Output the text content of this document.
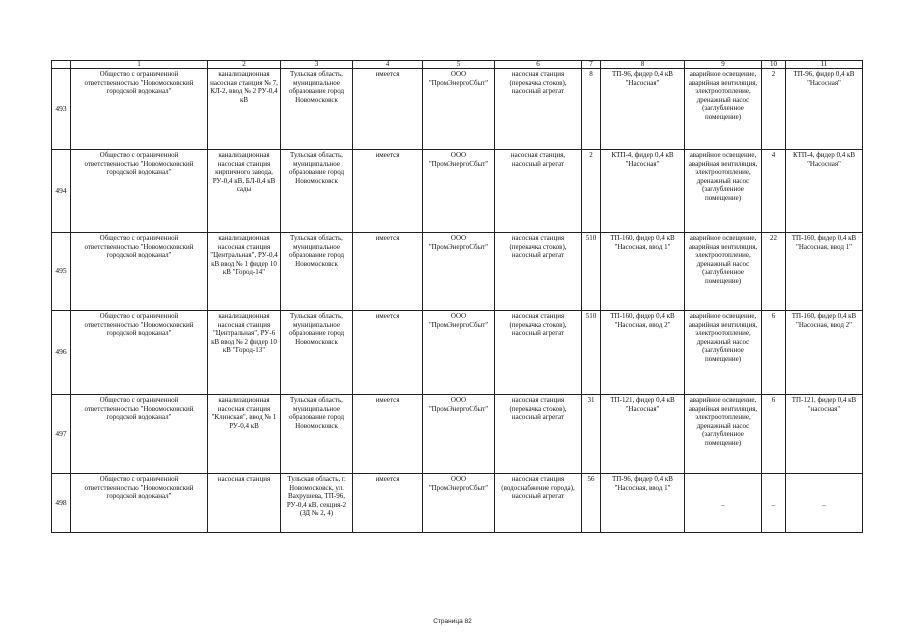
	1	2	3	4	5	6	7	8	9	10	11
493	Общество с ограниченной ответственностью "Новомосковский городской водоканал"	канализационная насосная станция № 7, КЛ-2, ввод № 2 РУ-0,4 кВ	Тульская область, муниципальное образование город Новомосковск	имеется	ООО "ПромЭнергоСбыт"	насосная станция (перекачка стоков), насосный агрегат	8	ТП-96, фидер 0,4 кВ "Насосная"	аварийное освещение, аварийная вентиляция, электроотопление, дренажный насос (заглубленное помещение)	2	ТП-96, фидер 0,4 кВ "Насосная"
494	Общество с ограниченной ответственностью "Новомосковский городской водоканал"	канализационная насосная станция кирпичного завода, РУ-0,4 кВ, БЛ-0,4 кВ сады	Тульская область, муниципальное образование город Новомосковск	имеется	ООО "ПромЭнергоСбыт"	насосная станция, насосный агрегат	2	КТП-4, фидер 0,4 кВ "Насосная"	аварийное освещение, аварийная вентиляция, электроотопление, дренажный насос (заглубленное помещение)	4	КТП-4, фидер 0,4 кВ "Насосная"
495	Общество с ограниченной ответственностью "Новомосковский городской водоканал"	канализационная насосная станция "Центральная", РУ-0,4 кВ ввод № 1 фидер 10 кВ "Город-14"	Тульская область, муниципальное образование город Новомосковск	имеется	ООО "ПромЭнергоСбыт"	насосная станция (перекачка стоков), насосный агрегат	510	ТП-160, фидер 0,4 кВ "Насосная, ввод 1"	аварийное освещение, аварийная вентиляция, электроотопление, дренажный насос (заглубленное помещение)	22	ТП-160, фидер 0,4 кВ "Насосная, ввод 1"
496	Общество с ограниченной ответственностью "Новомосковский городской водоканал"	канализационная насосная станция "Центральная", РУ-6 кВ ввод № 2 фидер 10 кВ "Город-13"	Тульская область, муниципальное образование город Новомосковск	имеется	ООО "ПромЭнергоСбыт"	насосная станция (перекачка стоков), насосный агрегат	510	ТП-160, фидер 0,4 кВ "Насосная, ввод 2"	аварийное освещение, аварийная вентиляция, электроотопление, дренажный насос (заглубленное помещение)	6	ТП-160, фидер 0,4 кВ "Насосная, ввод 2"
497	Общество с ограниченной ответственностью "Новомосковский городской водоканал"	канализационная насосная станция "Клинская", ввод № 1 РУ-0,4 кВ	Тульская область, муниципальное образование город Новомосковск	имеется	ООО "ПромЭнергоСбыт"	насосная станция (перекачка стоков), насосный агрегат	31	ТП-121, фидер 0,4 кВ "Насосная"	аварийное освещение, аварийная вентиляция, электроотопление, дренажный насос (заглубленное помещение)	6	ТП-121, фидер 0,4 кВ "насосная"
498	Общество с ограниченной ответственностью "Новомосковский городской водоканал"	насосная станция	Тульская область, г. Новомосковск, ул. Вахрушева, ТП-96, РУ-0,4 кВ, секция-2 (ЗД № 2, 4)	имеется	ООО "ПромЭнергоСбыт"	насосная станция (водоснабжение города), насосный агрегат	56	ТП-96, фидер 0,4 кВ "Насосная, ввод 1"	_	_	_
Страница 82
